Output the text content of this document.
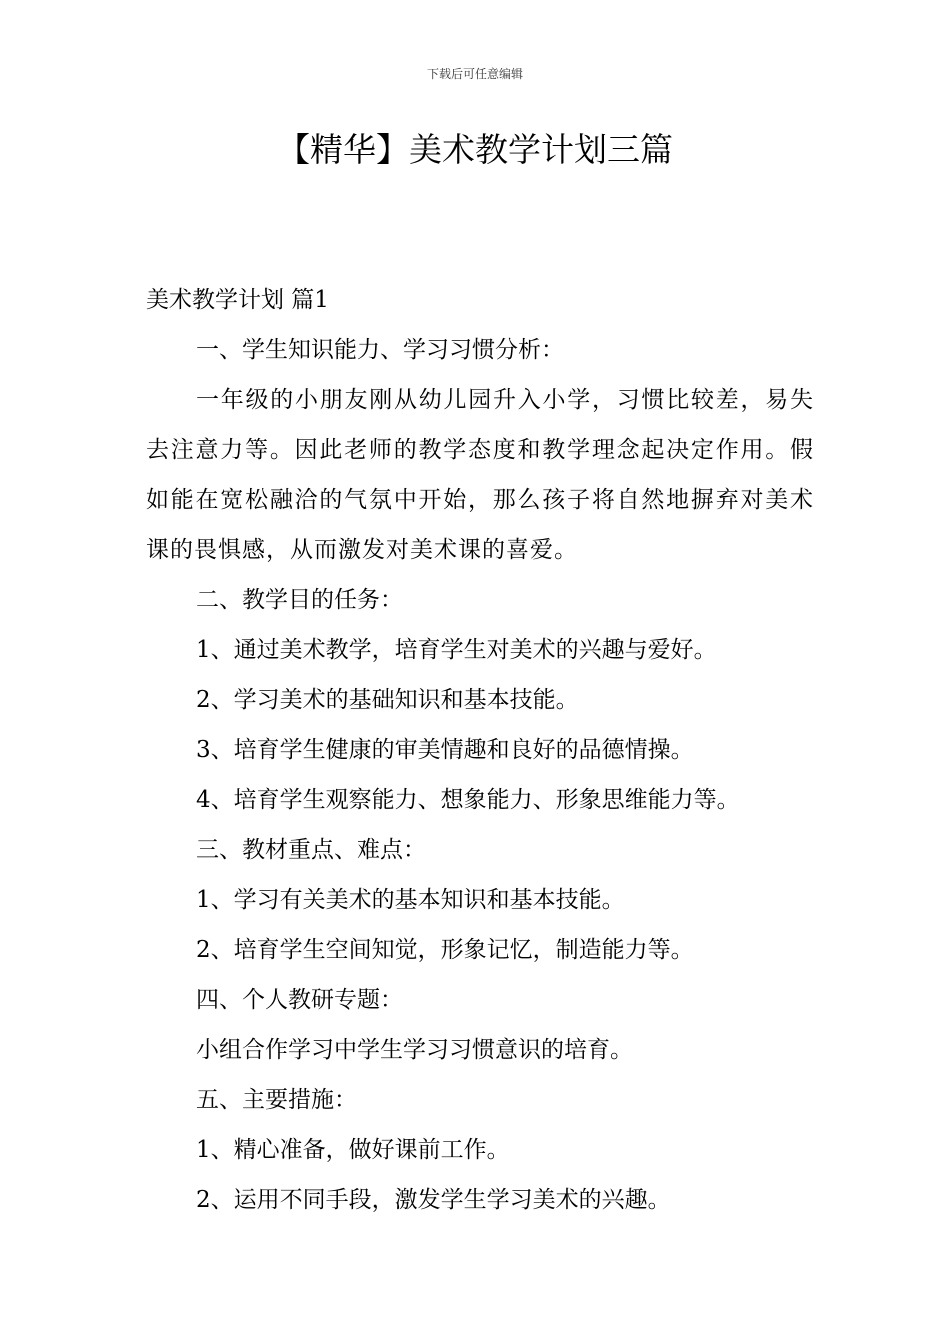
下载后可任意编辑
【精华】美术教学计划三篇

美术教学计划 篇1

一、学生知识能力、学习习惯分析：

一年级的小朋友刚从幼儿园升入小学，习惯比较差，易失去注意力等。因此老师的教学态度和教学理念起决定作用。假如能在宽松融洽的气氛中开始，那么孩子将自然地摒弃对美术课的畏惧感，从而激发对美术课的喜爱。

二、教学目的任务：

1、通过美术教学，培育学生对美术的兴趣与爱好。

2、学习美术的基础知识和基本技能。

3、培育学生健康的审美情趣和良好的品德情操。

4、培育学生观察能力、想象能力、形象思维能力等。

三、教材重点、难点：

1、学习有关美术的基本知识和基本技能。

2、培育学生空间知觉，形象记忆，制造能力等。

四、个人教研专题：

小组合作学习中学生学习习惯意识的培育。

五、主要措施：

1、精心准备，做好课前工作。

2、运用不同手段，激发学生学习美术的兴趣。
